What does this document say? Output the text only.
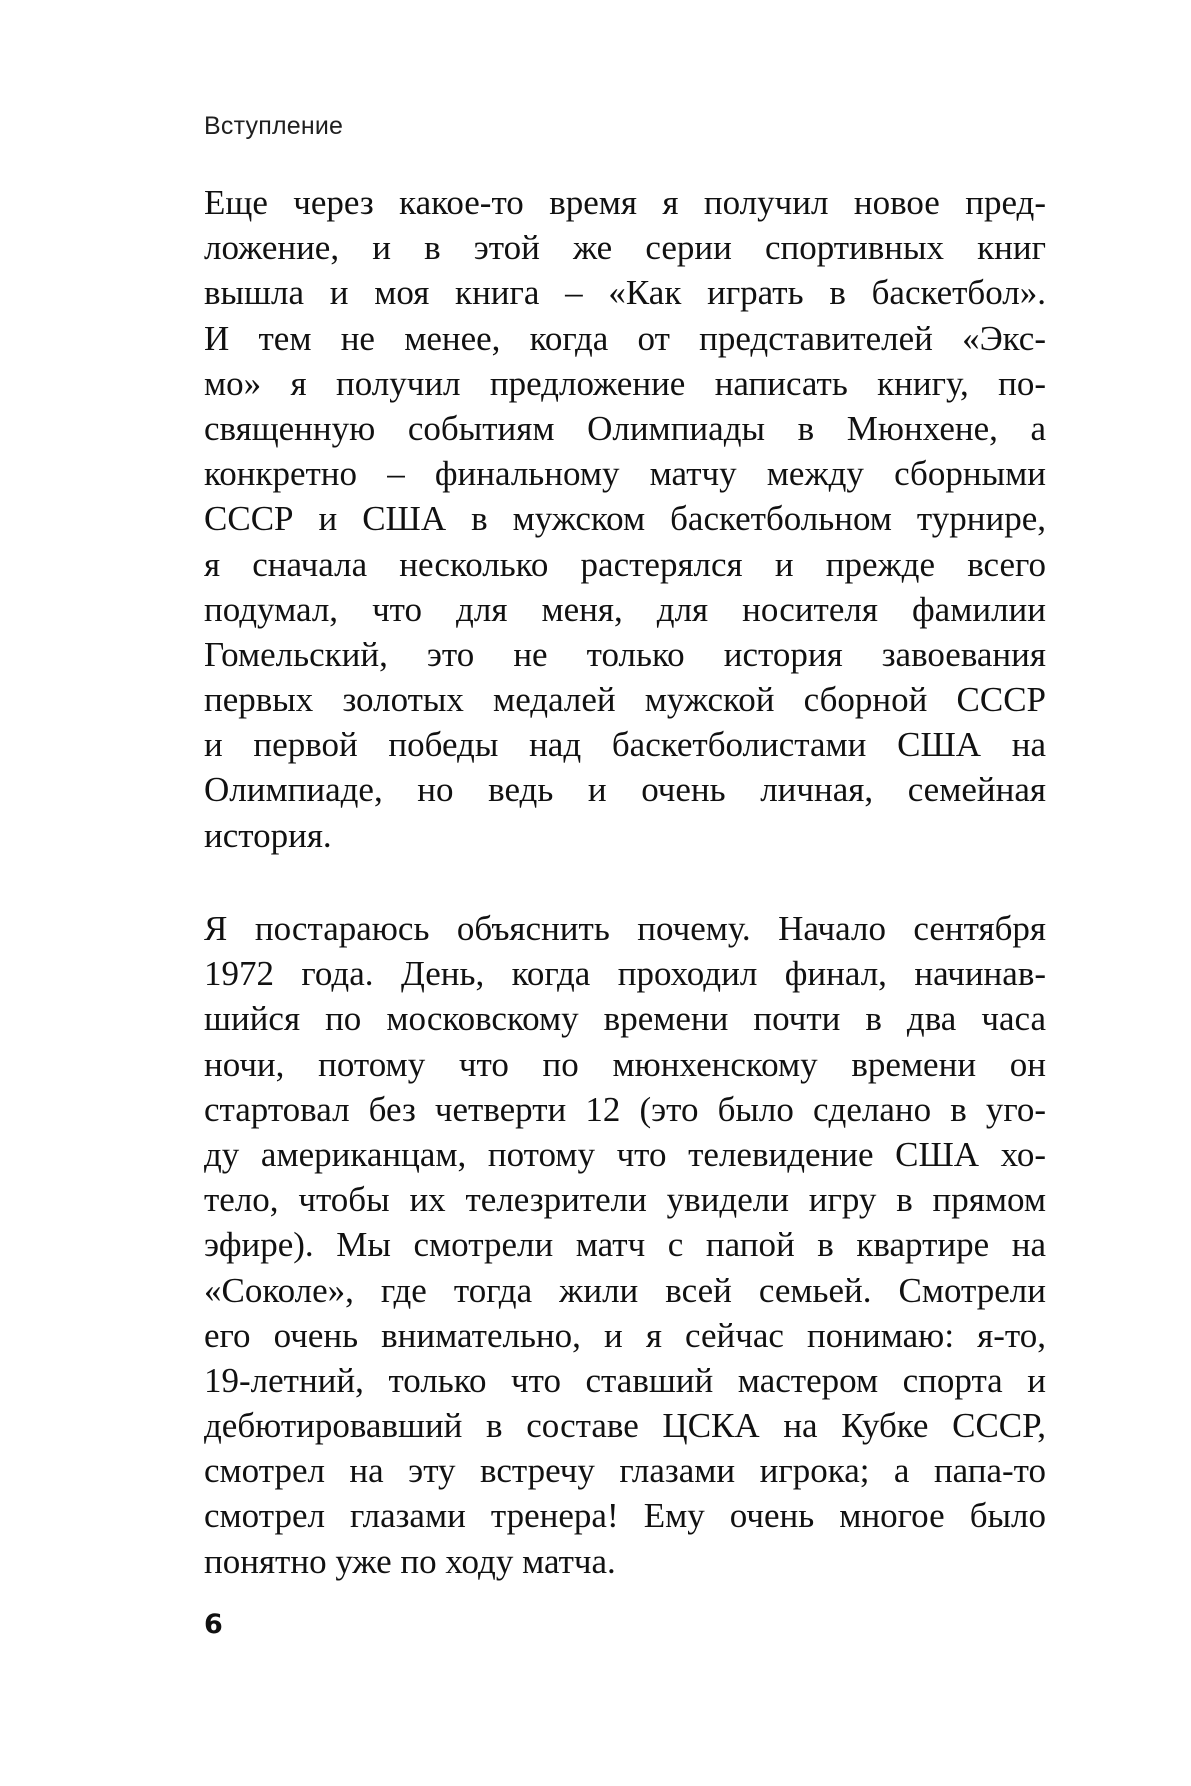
Вступление
Еще через какое-то время я получил новое пред-
ложение, и в этой же серии спортивных книг
вышла и моя книга – «Как играть в баскетбол».
И тем не менее, когда от представителей «Экс-
мо» я получил предложение написать книгу, по-
священную событиям Олимпиады в Мюнхене, а
конкретно – финальному матчу между сборными
СССР и США в мужском баскетбольном турнире,
я сначала несколько растерялся и прежде всего
подумал, что для меня, для носителя фамилии
Гомельский, это не только история завоевания
первых золотых медалей мужской сборной СССР
и первой победы над баскетболистами США на
Олимпиаде, но ведь и очень личная, семейная
история.
Я постараюсь объяснить почему. Начало сентября
1972 года. День, когда проходил финал, начинав-
шийся по московскому времени почти в два часа
ночи, потому что по мюнхенскому времени он
стартовал без четверти 12 (это было сделано в уго-
ду американцам, потому что телевидение США хо-
тело, чтобы их телезрители увидели игру в прямом
эфире). Мы смотрели матч с папой в квартире на
«Соколе», где тогда жили всей семьей. Смотрели
его очень внимательно, и я сейчас понимаю: я-то,
19-летний, только что ставший мастером спорта и
дебютировавший в составе ЦСКА на Кубке СССР,
смотрел на эту встречу глазами игрока; а папа-то
смотрел глазами тренера! Ему очень многое было
понятно уже по ходу матча.
6
